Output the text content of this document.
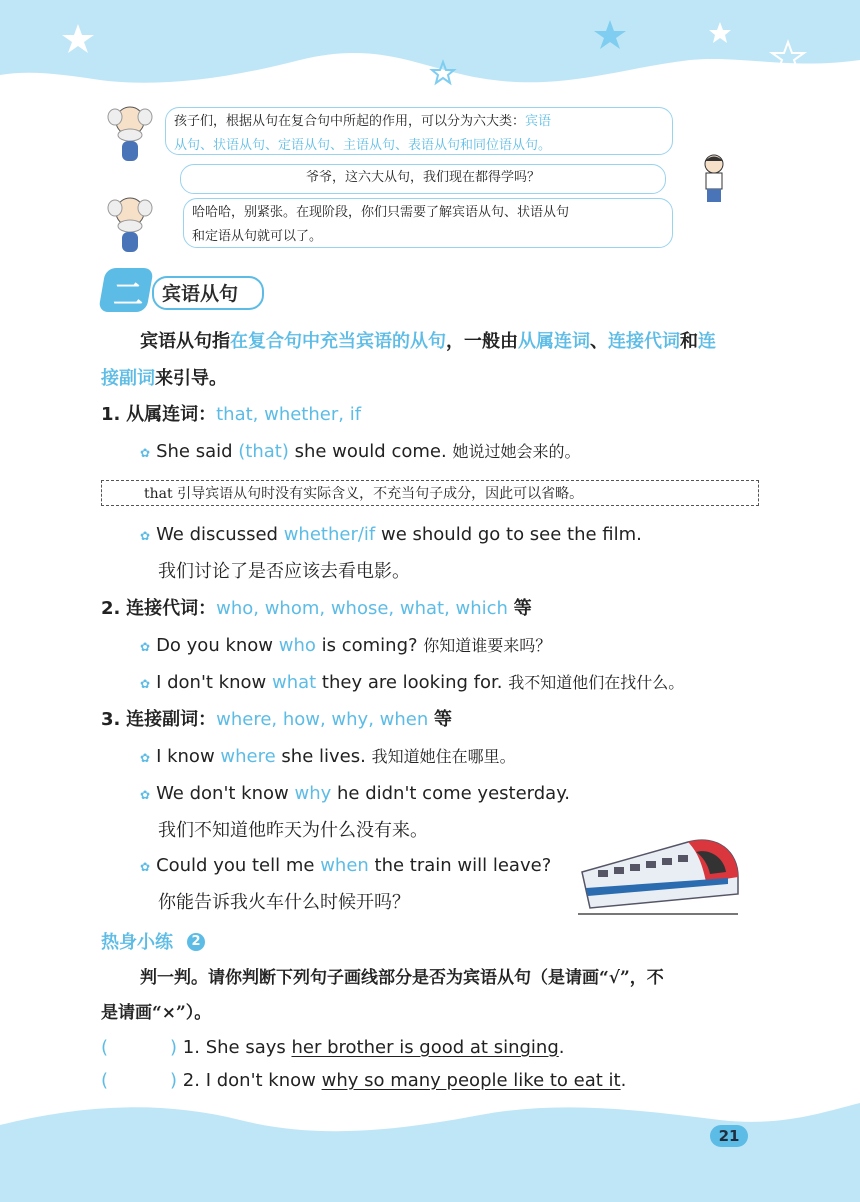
孩子们，根据从句在复合句中所起的作用，可以分为六大类：宾语
从句、状语从句、定语从句、主语从句、表语从句和同位语从句。
爷爷，这六大从句，我们现在都得学吗？
哈哈哈，别紧张。在现阶段，你们只需要了解宾语从句、状语从句
和定语从句就可以了。
二 宾语从句
宾语从句指在复合句中充当宾语的从句，一般由从属连词、连接代词和连
接副词来引导。
1. 从属连词：that, whether, if
✿ She said (that) she would come. 她说过她会来的。
that 引导宾语从句时没有实际含义，不充当句子成分，因此可以省略。
✿ We discussed whether/if we should go to see the film.
我们讨论了是否应该去看电影。
2. 连接代词：who, whom, whose, what, which 等
✿ Do you know who is coming? 你知道谁要来吗？
✿ I don't know what they are looking for. 我不知道他们在找什么。
3. 连接副词：where, how, why, when 等
✿ I know where she lives. 我知道她住在哪里。
✿ We don't know why he didn't come yesterday.
我们不知道他昨天为什么没有来。
✿ Could you tell me when the train will leave?
你能告诉我火车什么时候开吗？
热身小练	2
判一判。请你判断下列句子画线部分是否为宾语从句（是请画“√”，不
是请画“×”）。
(	) 1. She says her brother is good at singing.
(	) 2. I don't know why so many people like to eat it.
21
